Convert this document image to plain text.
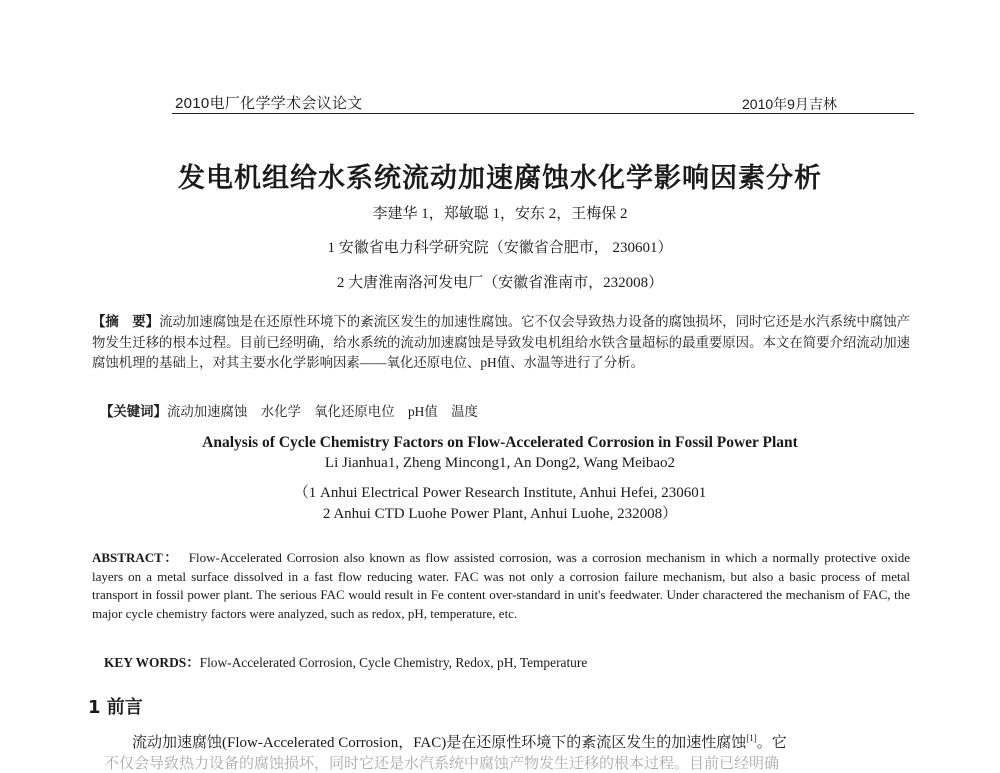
2010电厂化学学术会议论文	2010年9月吉林
发电机组给水系统流动加速腐蚀水化学影响因素分析
李建华 1，郑敏聪 1，安东 2，王梅保 2
1 安徽省电力科学研究院（安徽省合肥市， 230601）
2 大唐淮南洛河发电厂（安徽省淮南市，232008）
【摘　要】流动加速腐蚀是在还原性环境下的紊流区发生的加速性腐蚀。它不仅会导致热力设备的腐蚀损坏，同时它还是水汽系统中腐蚀产物发生迁移的根本过程。目前已经明确，给水系统的流动加速腐蚀是导致发电机组给水铁含量超标的最重要原因。本文在简要介绍流动加速腐蚀机理的基础上，对其主要水化学影响因素——氧化还原电位、pH值、水温等进行了分析。
【关键词】流动加速腐蚀　水化学　氧化还原电位　pH值　温度
Analysis of Cycle Chemistry Factors on Flow-Accelerated Corrosion in Fossil Power Plant
Li Jianhua1, Zheng Mincong1, An Dong2, Wang Meibao2
（1 Anhui Electrical Power Research Institute, Anhui Hefei, 230601
2 Anhui CTD Luohe Power Plant, Anhui Luohe, 232008）
ABSTRACT： Flow-Accelerated Corrosion also known as flow assisted corrosion, was a corrosion mechanism in which a normally protective oxide layers on a metal surface dissolved in a fast flow reducing water. FAC was not only a corrosion failure mechanism, but also a basic process of metal transport in fossil power plant. The serious FAC would result in Fe content over-standard in unit's feedwater. Under charactered the mechanism of FAC, the major cycle chemistry factors were analyzed, such as redox, pH, temperature, etc.
KEY WORDS：Flow-Accelerated Corrosion, Cycle Chemistry, Redox, pH, Temperature
1 前言
流动加速腐蚀(Flow-Accelerated Corrosion，FAC)是在还原性环境下的紊流区发生的加速性腐蚀[1]。它
不仅会导致热力设备的腐蚀损坏，同时它还是水汽系统中腐蚀产物发生迁移的根本过程。目前已经明确
